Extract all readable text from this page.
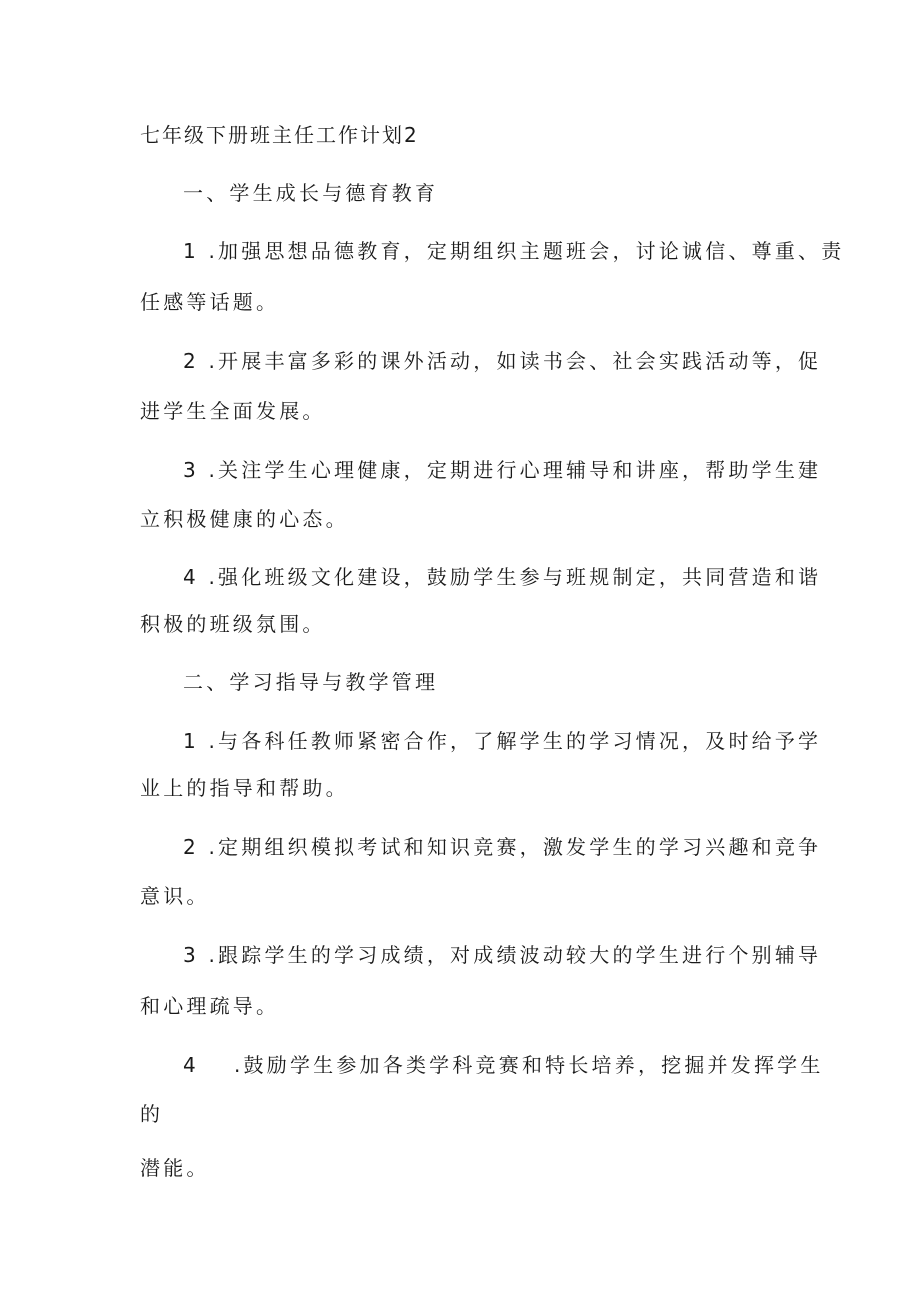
七年级下册班主任工作计划2
一、学生成长与德育教育
1 .加强思想品德教育，定期组织主题班会，讨论诚信、尊重、责
任感等话题。
2 .开展丰富多彩的课外活动，如读书会、社会实践活动等，促
进学生全面发展。
3 .关注学生心理健康，定期进行心理辅导和讲座，帮助学生建
立积极健康的心态。
4 .强化班级文化建设，鼓励学生参与班规制定，共同营造和谐
积极的班级氛围。
二、学习指导与教学管理
1 .与各科任教师紧密合作，了解学生的学习情况，及时给予学
业上的指导和帮助。
2 .定期组织模拟考试和知识竞赛，激发学生的学习兴趣和竞争
意识。
3 .跟踪学生的学习成绩，对成绩波动较大的学生进行个别辅导
和心理疏导。
4 .鼓励学生参加各类学科竞赛和特长培养，挖掘并发挥学生
的
潜能。
